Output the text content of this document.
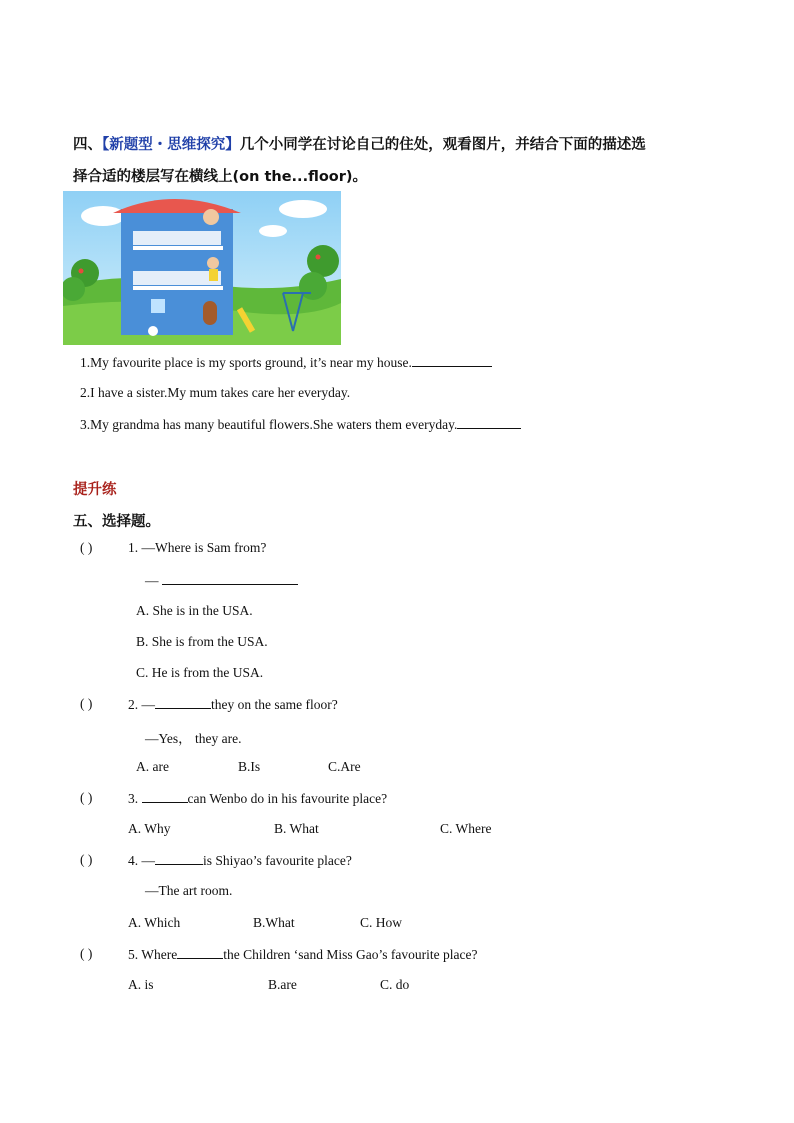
四、【新题型・思维探究】几个小同学在讨论自己的住处，观看图片，并结合下面的描述选
择合适的楼层写在横线上(on the...floor)。
1.My favourite place is my sports ground, it’s near my house.
2.I have a sister.My mum takes care her everyday.
3.My grandma has many beautiful flowers.She waters them everyday.
提升练
五、选择题。
( )	1. —Where is Sam from?
—
A. She is in the USA.
B. She is from the USA.
C. He is from the USA.
( )	2. —	they on the same floor?
—Yes， they are.
A. are	B.Is	C.Are
( )	3.	can Wenbo do in his favourite place?
A. Why	B. What	C. Where
( )	4. —	is Shiyao’s favourite place?
—The art room.
A. Which	B.What	C. How
( )	5. Where	the Children ‘sand Miss Gao’s favourite place?
A. is	B.are	C. do
